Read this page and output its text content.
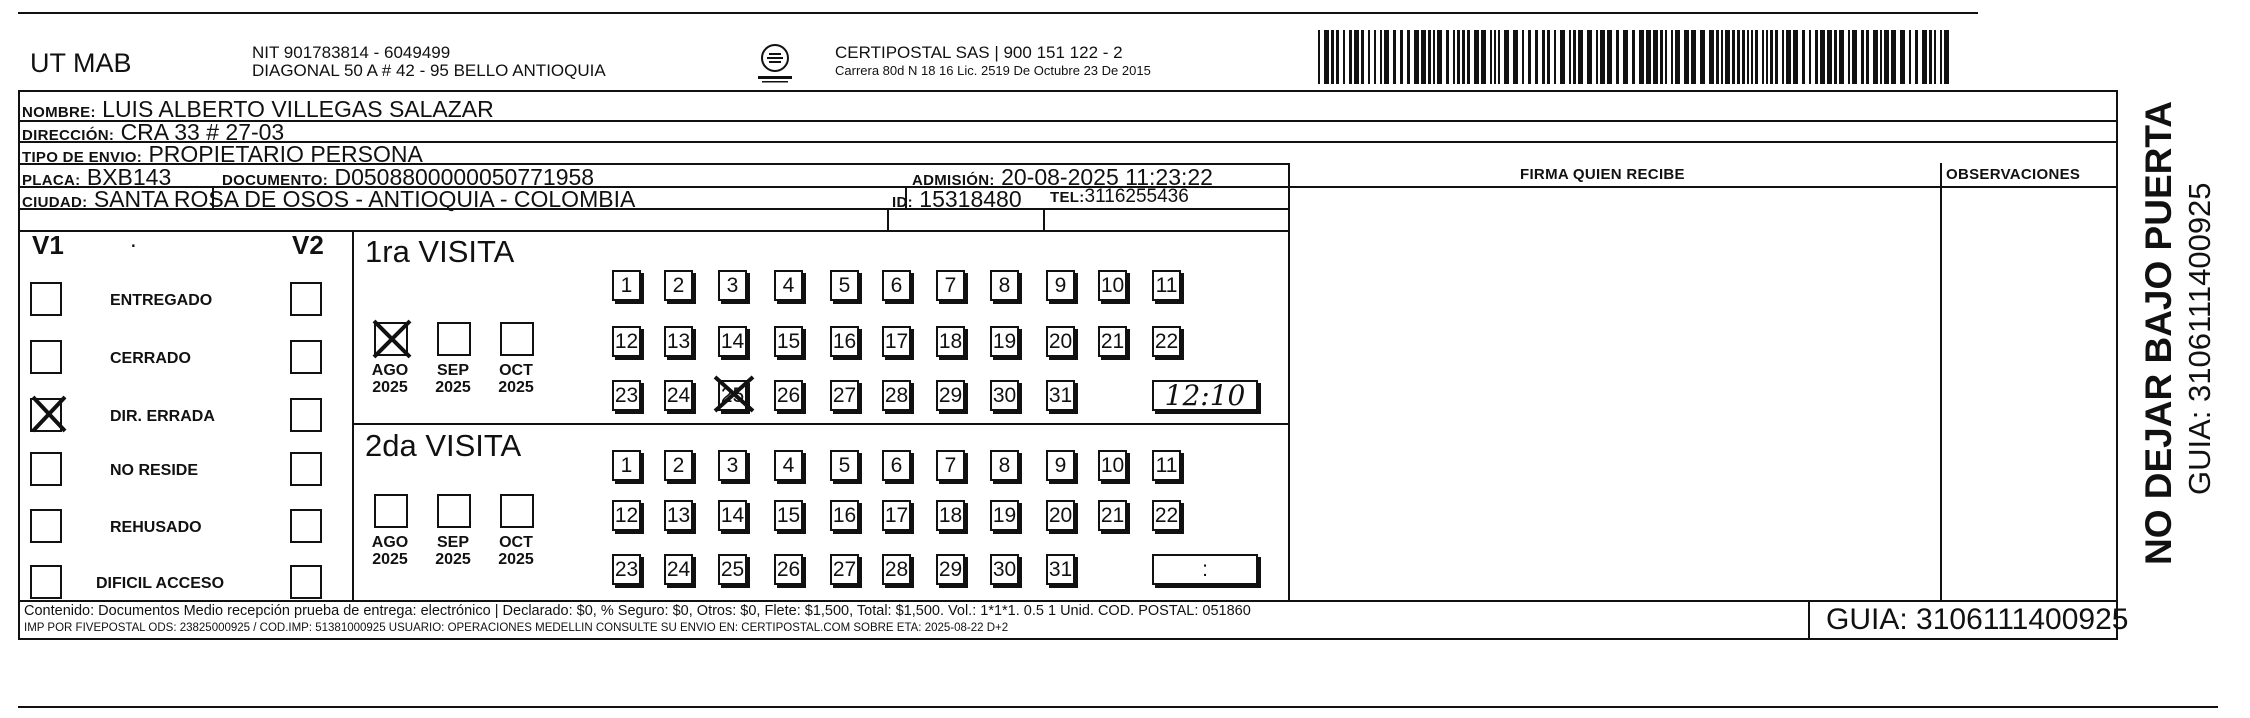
UT MAB	NIT 901783814 - 6049499
DIAGONAL 50 A # 42 - 95 BELLO ANTIOQUIA
CERTIPOSTAL SAS | 900 151 122 - 2
Carrera 80d N 18 16 Lic. 2519 De Octubre 23 De 2015
NOMBRE: LUIS ALBERTO VILLEGAS SALAZAR
DIRECCIÓN: CRA 33 # 27-03
TIPO DE ENVIO: PROPIETARIO PERSONA
PLACA: BXB143	DOCUMENTO: D0508800000050771958	ADMISIÓN: 20-08-2025 11:23:22
CIUDAD: SANTA ROSA DE OSOS - ANTIOQUIA - COLOMBIA	ID: 15318480 TEL:3116255436
FIRMA QUIEN RECIBE	OBSERVACIONES
V1	.	V2 1ra VISITA
2da VISITA
Contenido: Documentos Medio recepción prueba de entrega: electrónico | Declarado: $0, % Seguro: $0, Otros: $0, Flete: $1,500, Total: $1,500. Vol.: 1*1*1. 0.5 1 Unid. COD. POSTAL: 051860
IMP POR FIVEPOSTAL ODS: 23825000925 / COD.IMP: 51381000925 USUARIO: OPERACIONES MEDELLIN CONSULTE SU ENVIO EN: CERTIPOSTAL.COM SOBRE ETA: 2025-08-22 D+2	GUIA: 3106111400925
NO DEJAR BAJO PUERTA GUIA: 3106111400925
ENTREGADO
CERRADO
DIR. ERRADA
NO RESIDE
REHUSADO
DIFICIL ACCESO
AGO
2025
SEP
2025
OCT
2025
AGO
2025
SEP
2025
OCT
2025
1	2	3	4	5	6	7	8	9	10 11
12 13 14 15 16 17 18 19 20 21 22
23 24 25 26 27 28 29 30 31	12:10
1	2	3	4	5	6	7	8	9	10 11
12 13 14 15 16 17 18 19 20 21 22
23 24 25 26 27 28 29 30 31	:
